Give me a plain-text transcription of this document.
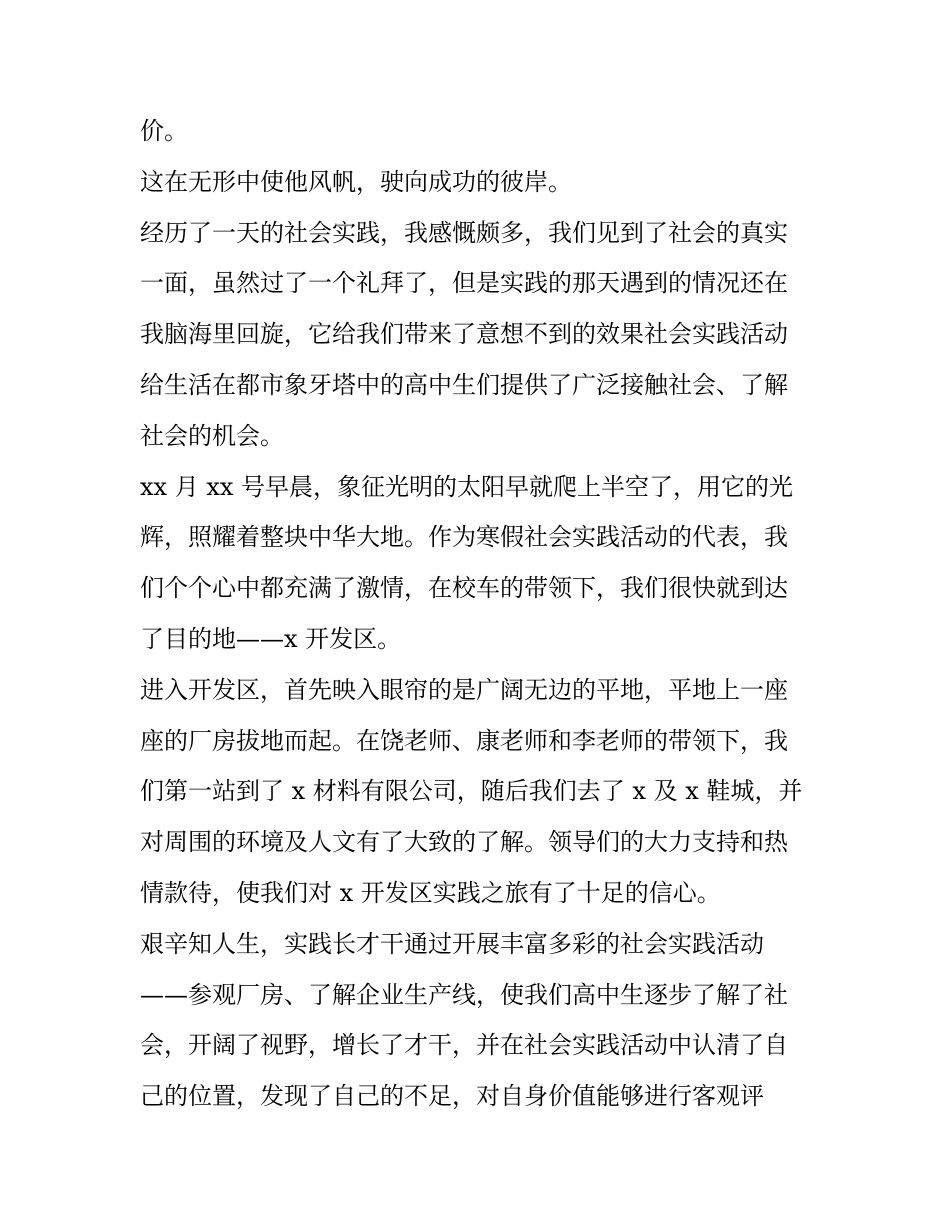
价。
这在无形中使他风帆，驶向成功的彼岸。
经历了一天的社会实践，我感慨颇多，我们见到了社会的真实
一面，虽然过了一个礼拜了，但是实践的那天遇到的情况还在
我脑海里回旋，它给我们带来了意想不到的效果社会实践活动
给生活在都市象牙塔中的高中生们提供了广泛接触社会、了解
社会的机会。
xx 月 xx 号早晨，象征光明的太阳早就爬上半空了，用它的光
辉，照耀着整块中华大地。作为寒假社会实践活动的代表，我
们个个心中都充满了激情，在校车的带领下，我们很快就到达
了目的地——x 开发区。
进入开发区，首先映入眼帘的是广阔无边的平地，平地上一座
座的厂房拔地而起。在饶老师、康老师和李老师的带领下，我
们第一站到了 x 材料有限公司，随后我们去了 x 及 x 鞋城，并
对周围的环境及人文有了大致的了解。领导们的大力支持和热
情款待，使我们对 x 开发区实践之旅有了十足的信心。
艰辛知人生，实践长才干通过开展丰富多彩的社会实践活动
——参观厂房、了解企业生产线，使我们高中生逐步了解了社
会，开阔了视野，增长了才干，并在社会实践活动中认清了自
己的位置，发现了自己的不足，对自身价值能够进行客观评
